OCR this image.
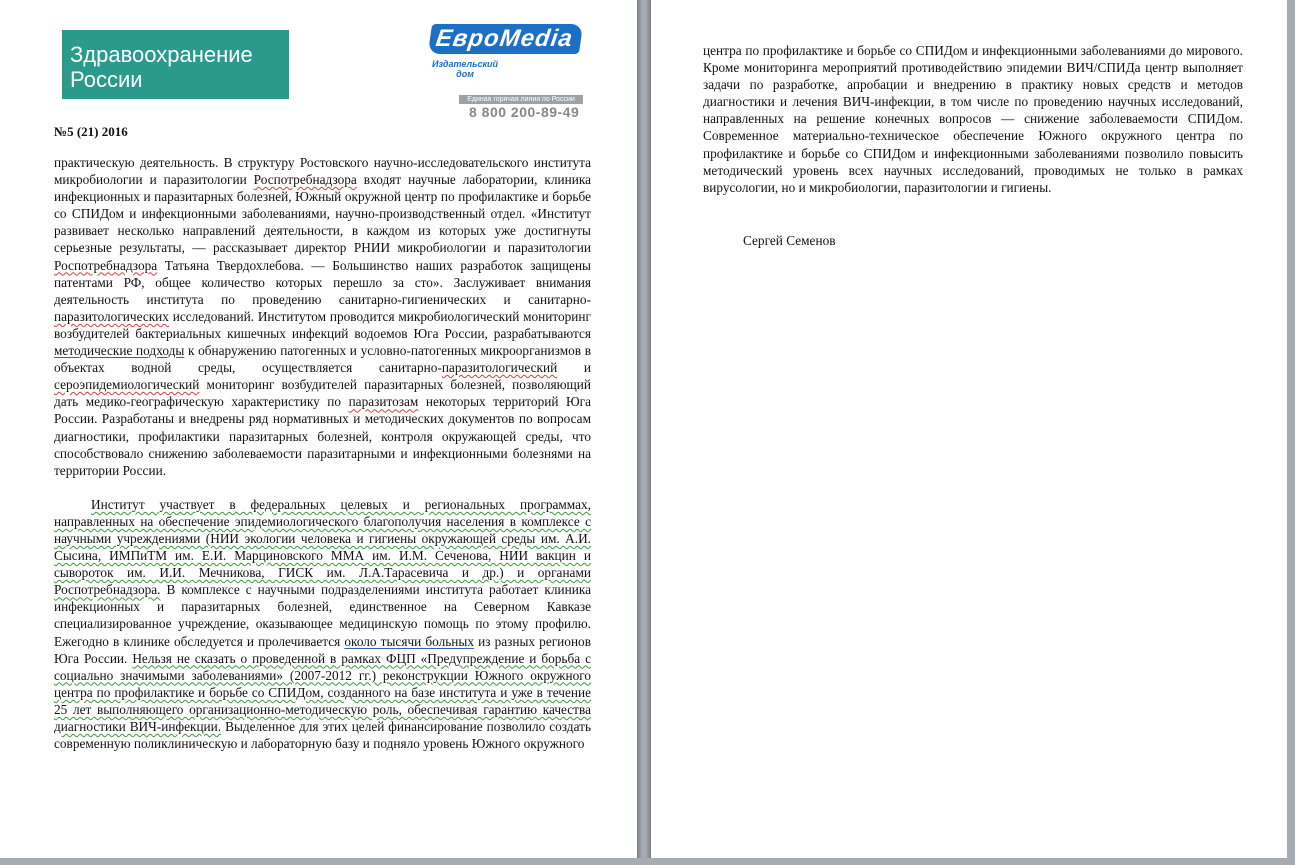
Здравоохранение
России
ЕвроMedia
Издательский дом
Единая горячая линия по России
8 800 200-89-49
№5 (21) 2016

практическую деятельность. В структуру Ростовского научно-исследовательского института микробиологии и паразитологии Роспотребнадзора входят научные лаборатории, клиника инфекционных и паразитарных болезней, Южный окружной центр по профилактике и борьбе со СПИДом и инфекционными заболеваниями, научно-производственный отдел. «Институт развивает несколько направлений деятельности, в каждом из которых уже достигнуты серьезные результаты, — рассказывает директор РНИИ микробиологии и паразитологии Роспотребнадзора Татьяна Твердохлебова. — Большинство наших разработок защищены патентами РФ, общее количество которых перешло за сто». Заслуживает внимания деятельность института по проведению санитарно-гигиенических и санитарно-паразитологических исследований. Институтом проводится микробиологический мониторинг возбудителей бактериальных кишечных инфекций водоемов Юга России, разрабатываются методические подходы к обнаружению патогенных и условно-патогенных микроорганизмов в объектах водной среды, осуществляется санитарно-паразитологический и сероэпидемиологический мониторинг возбудителей паразитарных болезней, позволяющий дать медико-географическую характеристику по паразитозам некоторых территорий Юга России. Разработаны и внедрены ряд нормативных и методических документов по вопросам диагностики, профилактики паразитарных болезней, контроля окружающей среды, что способствовало снижению заболеваемости паразитарными и инфекционными болезнями на территории России.

Институт участвует в федеральных целевых и региональных программах, направленных на обеспечение эпидемиологического благополучия населения в комплексе с научными учреждениями (НИИ экологии человека и гигиены окружающей среды им. А.И. Сысина, ИМПиТМ им. Е.И. Марциновского ММА им. И.М. Сеченова, НИИ вакцин и сывороток им. И.И. Мечникова, ГИСК им. Л.А.Тарасевича и др.) и органами Роспотребнадзора. В комплексе с научными подразделениями института работает клиника инфекционных и паразитарных болезней, единственное на Северном Кавказе специализированное учреждение, оказывающее медицинскую помощь по этому профилю. Ежегодно в клинике обследуется и пролечивается около тысячи больных из разных регионов Юга России. Нельзя не сказать о проведенной в рамках ФЦП «Предупреждение и борьба с социально значимыми заболеваниями» (2007-2012 гг.) реконструкции Южного окружного центра по профилактике и борьбе со СПИДом, созданного на базе института и уже в течение 25 лет выполняющего организационно-методическую роль, обеспечивая гарантию качества диагностики ВИЧ-инфекции. Выделенное для этих целей финансирование позволило создать современную поликлиническую и лабораторную базу и подняло уровень Южного окружного

центра по профилактике и борьбе со СПИДом и инфекционными заболеваниями до мирового. Кроме мониторинга мероприятий противодействию эпидемии ВИЧ/СПИДа центр выполняет задачи по разработке, апробации и внедрению в практику новых средств и методов диагностики и лечения ВИЧ-инфекции, в том числе по проведению научных исследований, направленных на решение конечных вопросов — снижение заболеваемости СПИДом. Современное материально-техническое обеспечение Южного окружного центра по профилактике и борьбе со СПИДом и инфекционными заболеваниями позволило повысить методический уровень всех научных исследований, проводимых не только в рамках вирусологии, но и микробиологии, паразитологии и гигиены.

Сергей Семенов
